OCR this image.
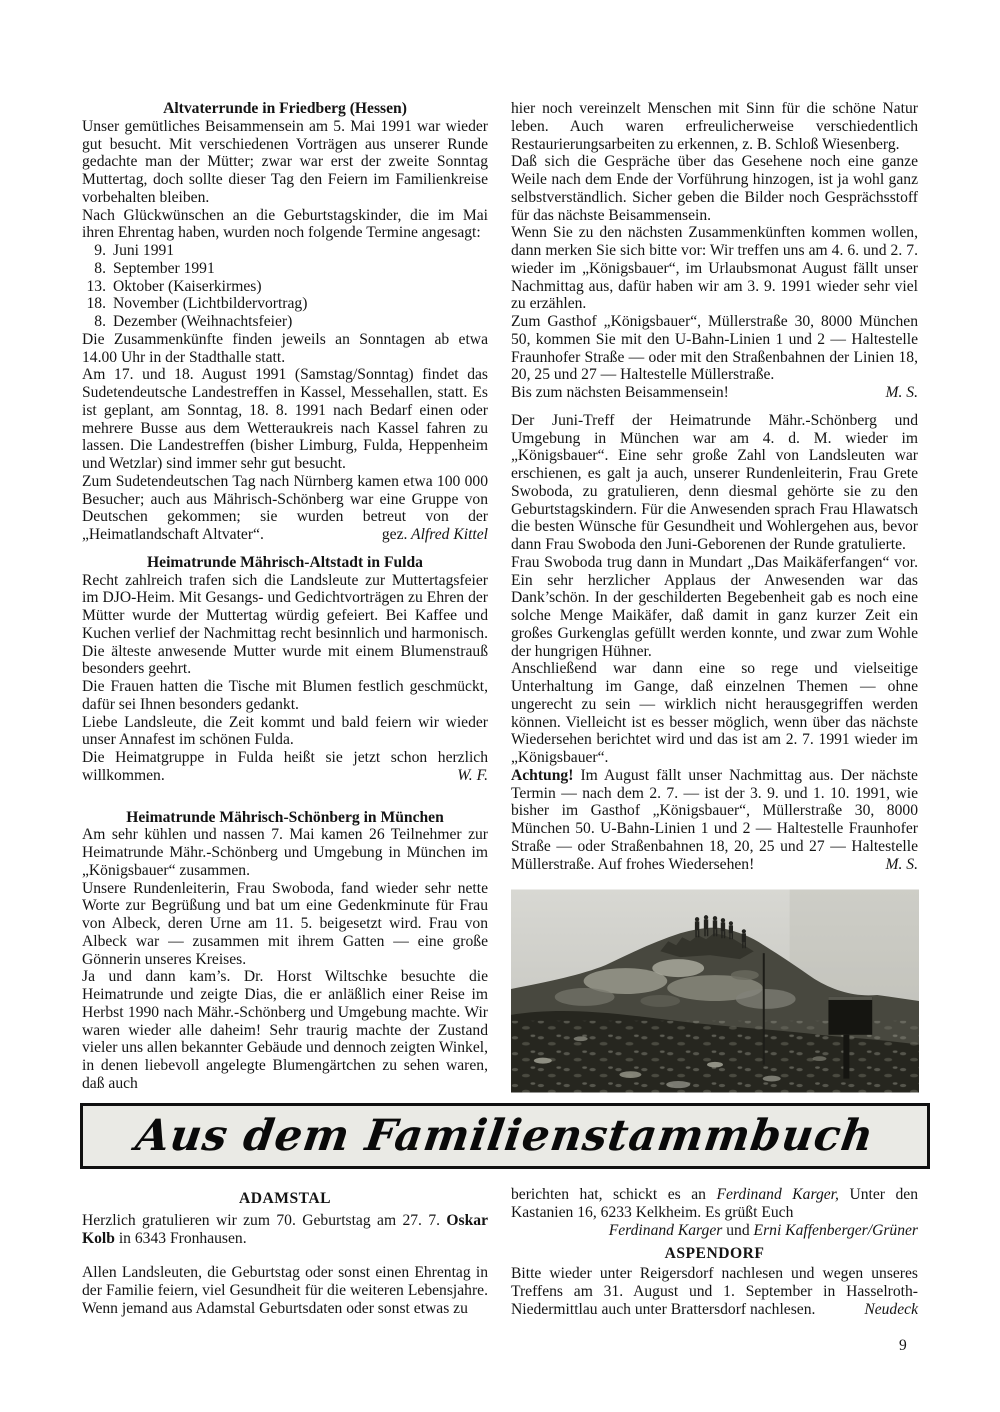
Altvaterrunde in Friedberg (Hessen)

Unser gemütliches Beisammensein am 5. Mai 1991 war wieder gut besucht. Mit verschiedenen Vorträgen aus unserer Runde gedachte man der Mütter; zwar war erst der zweite Sonntag Muttertag, doch sollte dieser Tag den Feiern im Familienkreise vorbehalten bleiben.

Nach Glückwünschen an die Geburtstagskinder, die im Mai ihren Ehrentag haben, wurden noch folgende Termine angesagt:

9. Juni 1991
8. September 1991
13. Oktober (Kaiserkirmes)
18. November (Lichtbildervortrag)
8. Dezember (Weihnachtsfeier)

Die Zusammenkünfte finden jeweils an Sonntagen ab etwa 14.00 Uhr in der Stadthalle statt.

Am 17. und 18. August 1991 (Samstag/Sonntag) findet das Sudetendeutsche Landestreffen in Kassel, Messehallen, statt. Es ist geplant, am Sonntag, 18. 8. 1991 nach Bedarf einen oder mehrere Busse aus dem Wetteraukreis nach Kassel fahren zu lassen. Die Landestreffen (bisher Limburg, Fulda, Heppenheim und Wetzlar) sind immer sehr gut besucht.

Zum Sudetendeutschen Tag nach Nürnberg kamen etwa 100 000 Besucher; auch aus Mährisch-Schönberg war eine Gruppe von Deutschen gekommen; sie wurden betreut von der „Heimatlandschaft Altvater“.	gez. Alfred Kittel

Heimatrunde Mährisch-Altstadt in Fulda

Recht zahlreich trafen sich die Landsleute zur Muttertagsfeier im DJO-Heim. Mit Gesangs- und Gedichtvorträgen zu Ehren der Mütter wurde der Muttertag würdig gefeiert. Bei Kaffee und Kuchen verlief der Nachmittag recht besinnlich und harmonisch. Die älteste anwesende Mutter wurde mit einem Blumenstrauß besonders geehrt.

Die Frauen hatten die Tische mit Blumen festlich geschmückt, dafür sei Ihnen besonders gedankt.

Liebe Landsleute, die Zeit kommt und bald feiern wir wieder unser Annafest im schönen Fulda.

Die Heimatgruppe in Fulda heißt sie jetzt schon herzlich willkommen.	W. F.

Heimatrunde Mährisch-Schönberg in München

Am sehr kühlen und nassen 7. Mai kamen 26 Teilnehmer zur Heimatrunde Mähr.-Schönberg und Umgebung in München im „Königsbauer“ zusammen.

Unsere Rundenleiterin, Frau Swoboda, fand wieder sehr nette Worte zur Begrüßung und bat um eine Gedenkminute für Frau von Albeck, deren Urne am 11. 5. beigesetzt wird. Frau von Albeck war — zusammen mit ihrem Gatten — eine große Gönnerin unseres Kreises.

Ja und dann kam’s. Dr. Horst Wiltschke besuchte die Heimatrunde und zeigte Dias, die er anläßlich einer Reise im Herbst 1990 nach Mähr.-Schönberg und Umgebung machte. Wir waren wieder alle daheim! Sehr traurig machte der Zustand vieler uns allen bekannter Gebäude und dennoch zeigten Winkel, in denen liebevoll angelegte Blumengärtchen zu sehen waren, daß auch

hier noch vereinzelt Menschen mit Sinn für die schöne Natur leben. Auch waren erfreulicherweise verschiedentlich Restaurierungsarbeiten zu erkennen, z. B. Schloß Wiesenberg.

Daß sich die Gespräche über das Gesehene noch eine ganze Weile nach dem Ende der Vorführung hinzogen, ist ja wohl ganz selbstverständlich. Sicher geben die Bilder noch Gesprächsstoff für das nächste Beisammensein.

Wenn Sie zu den nächsten Zusammenkünften kommen wollen, dann merken Sie sich bitte vor: Wir treffen uns am 4. 6. und 2. 7. wieder im „Königsbauer“, im Urlaubsmonat August fällt unser Nachmittag aus, dafür haben wir am 3. 9. 1991 wieder sehr viel zu erzählen.

Zum Gasthof „Königsbauer“, Müllerstraße 30, 8000 München 50, kommen Sie mit den U-Bahn-Linien 1 und 2 — Haltestelle Fraunhofer Straße — oder mit den Straßenbahnen der Linien 18, 20, 25 und 27 — Haltestelle Müllerstraße.

Bis zum nächsten Beisammensein!	M. S.

Der Juni-Treff der Heimatrunde Mähr.-Schönberg und Umgebung in München war am 4. d. M. wieder im „Königsbauer“. Eine sehr große Zahl von Landsleuten war erschienen, es galt ja auch, unserer Rundenleiterin, Frau Grete Swoboda, zu gratulieren, denn diesmal gehörte sie zu den Geburtstagskindern. Für die Anwesenden sprach Frau Hlawatsch die besten Wünsche für Gesundheit und Wohlergehen aus, bevor dann Frau Swoboda den Juni-Geborenen der Runde gratulierte.

Frau Swoboda trug dann in Mundart „Das Maikäferfangen“ vor. Ein sehr herzlicher Applaus der Anwesenden war das Dank’schön. In der geschilderten Begebenheit gab es noch eine solche Menge Maikäfer, daß damit in ganz kurzer Zeit ein großes Gurkenglas gefüllt werden konnte, und zwar zum Wohle der hungrigen Hühner.

Anschließend war dann eine so rege und vielseitige Unterhaltung im Gange, daß einzelnen Themen — ohne ungerecht zu sein — wirklich nicht herausgegriffen werden können. Vielleicht ist es besser möglich, wenn über das nächste Wiedersehen berichtet wird und das ist am 2. 7. 1991 wieder im „Königsbauer“.

Achtung! Im August fällt unser Nachmittag aus. Der nächste Termin — nach dem 2. 7. — ist der 3. 9. und 1. 10. 1991, wie bisher im Gasthof „Königsbauer“, Müllerstraße 30, 8000 München 50. U-Bahn-Linien 1 und 2 — Haltestelle Fraunhofer Straße — oder Straßenbahnen 18, 20, 25 und 27 — Haltestelle Müllerstraße. Auf frohes Wiedersehen!	M. S.

Aus dem Familienstammbuch
ADAMSTAL

Herzlich gratulieren wir zum 70. Geburtstag am 27. 7. Oskar Kolb in 6343 Fronhausen.

Allen Landsleuten, die Geburtstag oder sonst einen Ehrentag in der Familie feiern, viel Gesundheit für die weiteren Lebensjahre. Wenn jemand aus Adamstal Geburtsdaten oder sonst etwas zu

berichten hat, schickt es an Ferdinand Karger, Unter den Kastanien 16, 6233 Kelkheim. Es grüßt Euch

Ferdinand Karger und Erni Kaffenberger/Grüner

ASPENDORF

Bitte wieder unter Reigersdorf nachlesen und wegen unseres Treffens am 31. August und 1. September in Hasselroth-Niedermittlau auch unter Brattersdorf nachlesen.	Neudeck

9
